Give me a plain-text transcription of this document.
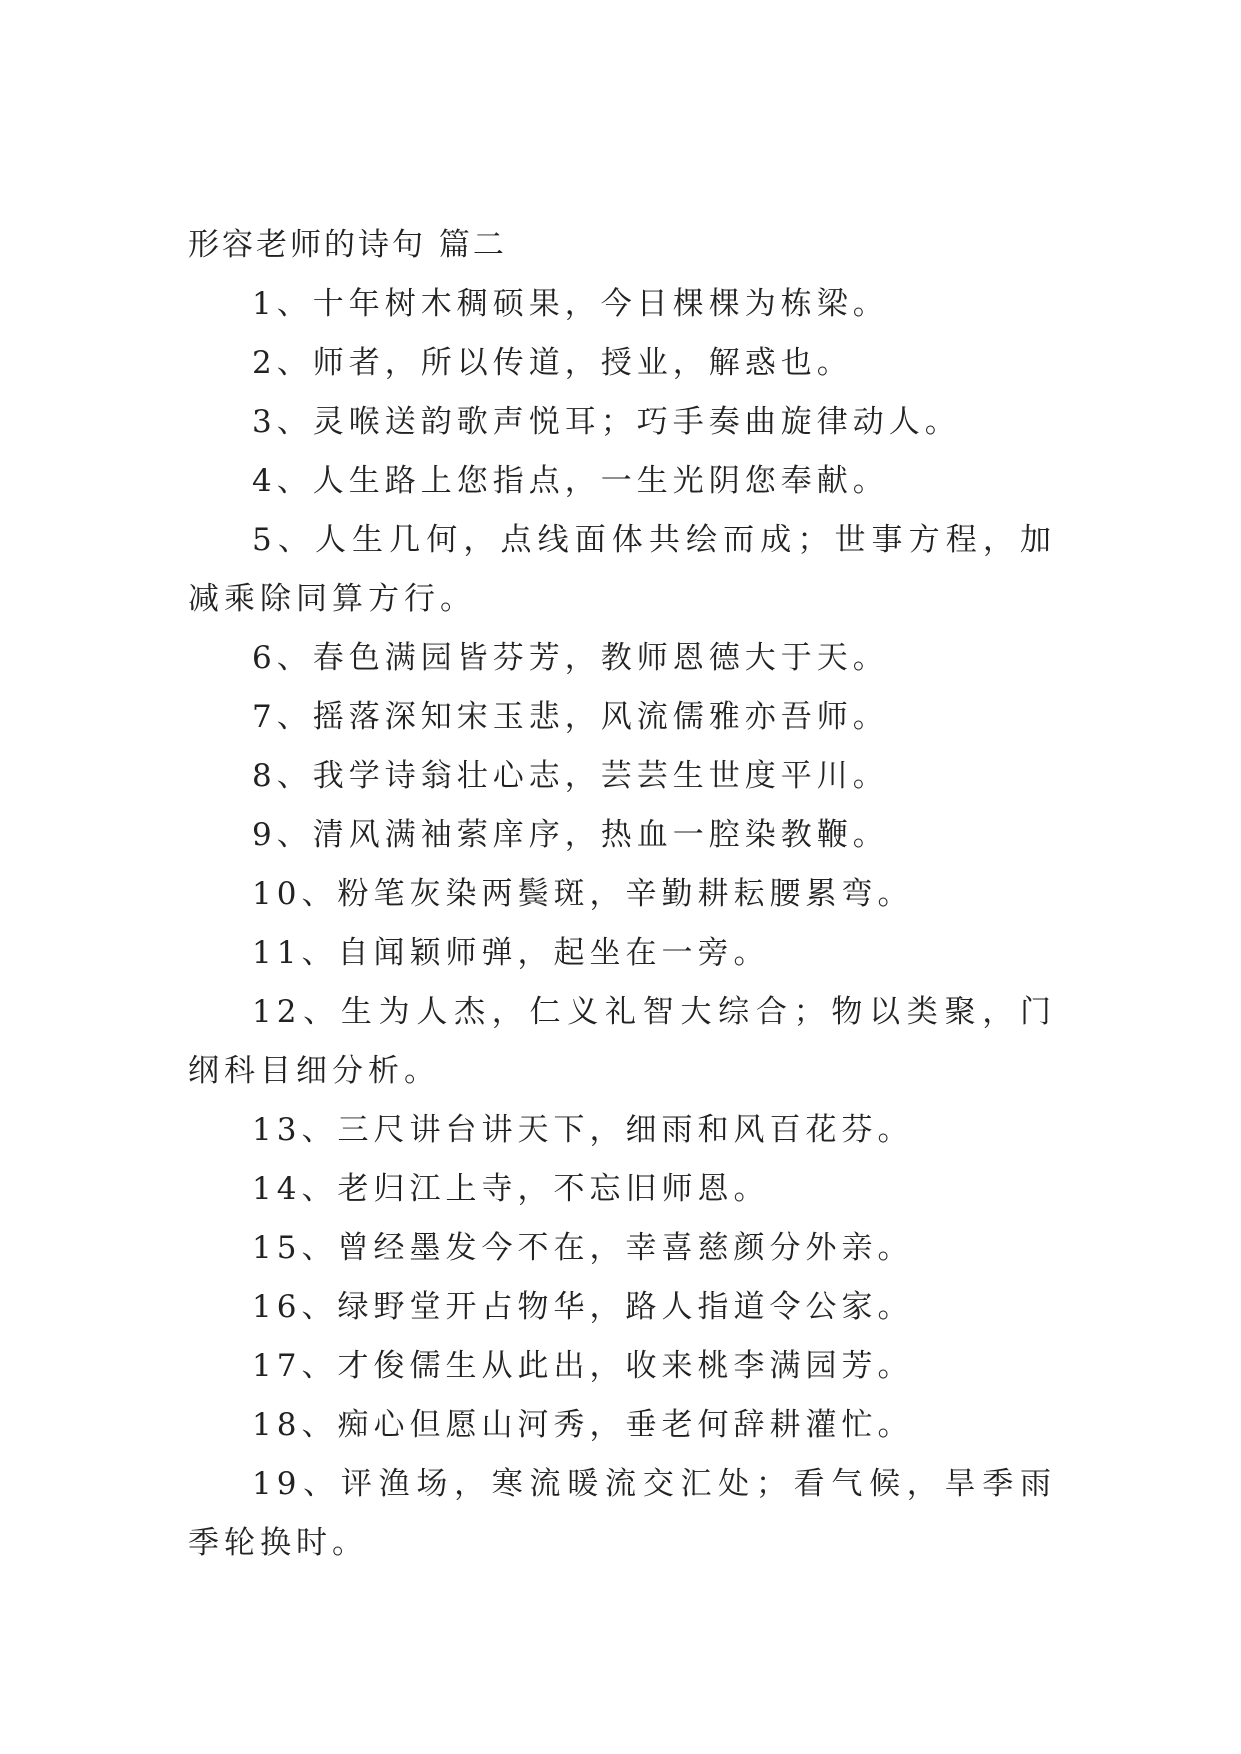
形容老师的诗句 篇二

1、十年树木稠硕果，今日棵棵为栋梁。

2、师者，所以传道，授业，解惑也。

3、灵喉送韵歌声悦耳；巧手奏曲旋律动人。

4、人生路上您指点，一生光阴您奉献。

5、人生几何，点线面体共绘而成；世事方程，加减乘除同算方行。

6、春色满园皆芬芳，教师恩德大于天。

7、摇落深知宋玉悲，风流儒雅亦吾师。

8、我学诗翁壮心志，芸芸生世度平川。

9、清风满袖萦庠序，热血一腔染教鞭。

10、粉笔灰染两鬓斑，辛勤耕耘腰累弯。

11、自闻颖师弹，起坐在一旁。

12、生为人杰，仁义礼智大综合；物以类聚，门纲科目细分析。

13、三尺讲台讲天下，细雨和风百花芬。

14、老归江上寺，不忘旧师恩。

15、曾经墨发今不在，幸喜慈颜分外亲。

16、绿野堂开占物华，路人指道令公家。

17、才俊儒生从此出，收来桃李满园芳。

18、痴心但愿山河秀，垂老何辞耕灌忙。

19、评渔场，寒流暖流交汇处；看气候，旱季雨季轮换时。
